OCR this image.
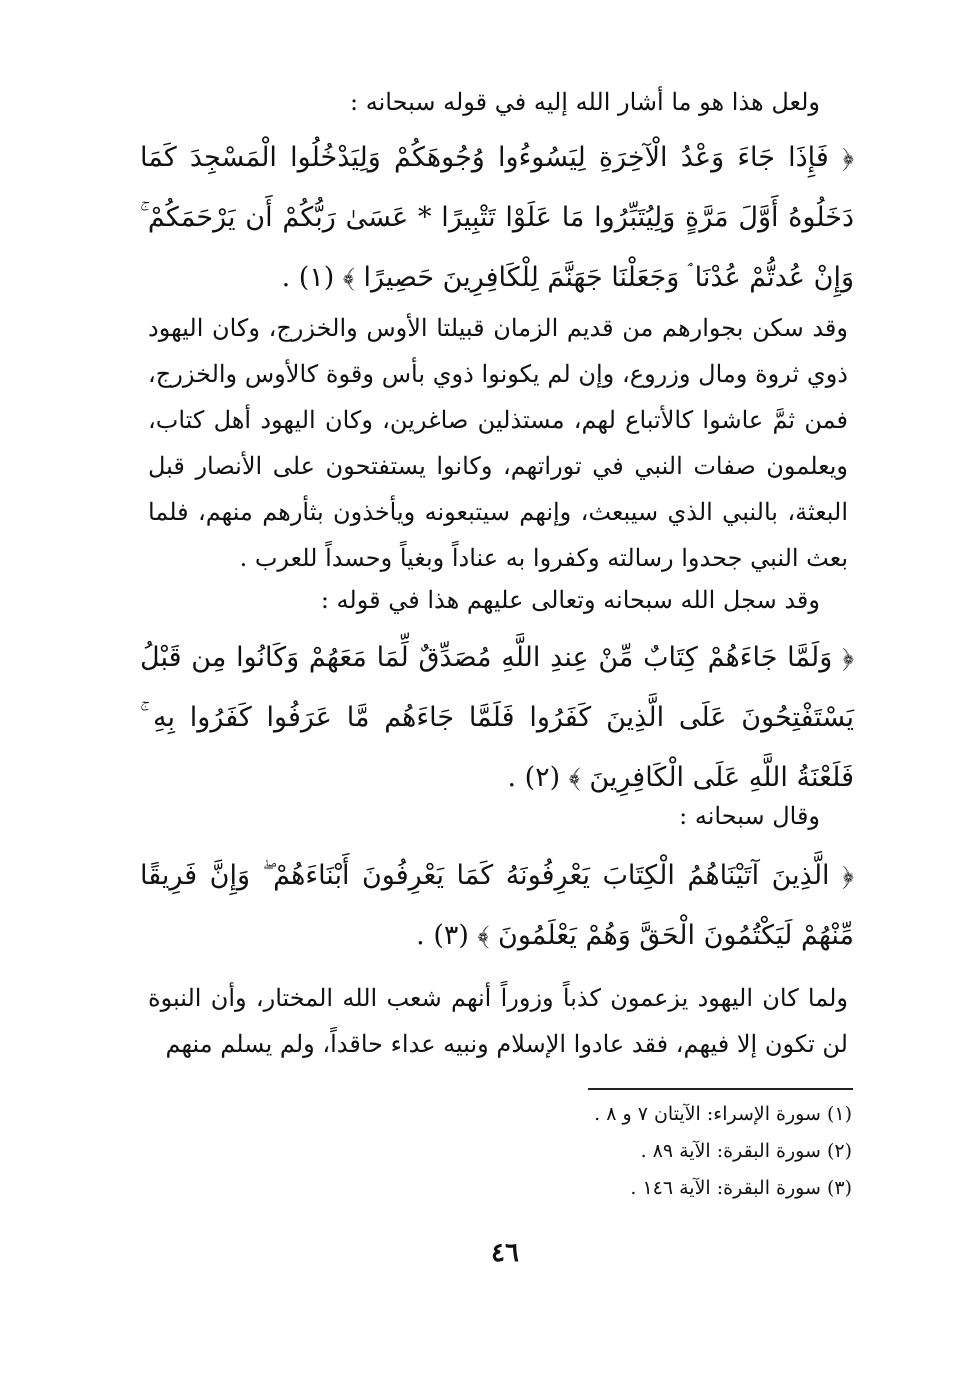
ولعل هذا هو ما أشار الله إليه في قوله سبحانه :
﴿ فَإِذَا جَاءَ وَعْدُ الْآخِرَةِ لِيَسُوءُوا وُجُوهَكُمْ وَلِيَدْخُلُوا الْمَسْجِدَ كَمَا دَخَلُوهُ أَوَّلَ مَرَّةٍ وَلِيُتَبِّرُوا مَا عَلَوْا تَتْبِيرًا * عَسَىٰ رَبُّكُمْ أَن يَرْحَمَكُمْ ۚ وَإِنْ عُدتُّمْ عُدْنَا ۘ وَجَعَلْنَا جَهَنَّمَ لِلْكَافِرِينَ حَصِيرًا ﴾ (١) .
وقد سكن بجوارهم من قديم الزمان قبيلتا الأوس والخزرج، وكان اليهود ذوي ثروة ومال وزروع، وإن لم يكونوا ذوي بأس وقوة كالأوس والخزرج، فمن ثمَّ عاشوا كالأتباع لهم، مستذلين صاغرين، وكان اليهود أهل كتاب، ويعلمون صفات النبي في توراتهم، وكانوا يستفتحون على الأنصار قبل البعثة، بالنبي الذي سيبعث، وإنهم سيتبعونه ويأخذون بثأرهم منهم، فلما بعث النبي جحدوا رسالته وكفروا به عناداً وبغياً وحسداً للعرب .
وقد سجل الله سبحانه وتعالى عليهم هذا في قوله :
﴿ وَلَمَّا جَاءَهُمْ كِتَابٌ مِّنْ عِندِ اللَّهِ مُصَدِّقٌ لِّمَا مَعَهُمْ وَكَانُوا مِن قَبْلُ يَسْتَفْتِحُونَ عَلَى الَّذِينَ كَفَرُوا فَلَمَّا جَاءَهُم مَّا عَرَفُوا كَفَرُوا بِهِ ۚ فَلَعْنَةُ اللَّهِ عَلَى الْكَافِرِينَ ﴾ (٢) .
وقال سبحانه :
﴿ الَّذِينَ آتَيْنَاهُمُ الْكِتَابَ يَعْرِفُونَهُ كَمَا يَعْرِفُونَ أَبْنَاءَهُمْ ۖ وَإِنَّ فَرِيقًا مِّنْهُمْ لَيَكْتُمُونَ الْحَقَّ وَهُمْ يَعْلَمُونَ ﴾ (٣) .
ولما كان اليهود يزعمون كذباً وزوراً أنهم شعب الله المختار، وأن النبوة لن تكون إلا فيهم، فقد عادوا الإسلام ونبيه عداء حاقداً، ولم يسلم منهم
(١) سورة الإسراء: الآيتان ٧ و ٨ .
(٢) سورة البقرة: الآية ٨٩ .
(٣) سورة البقرة: الآية ١٤٦ .
٤٦
